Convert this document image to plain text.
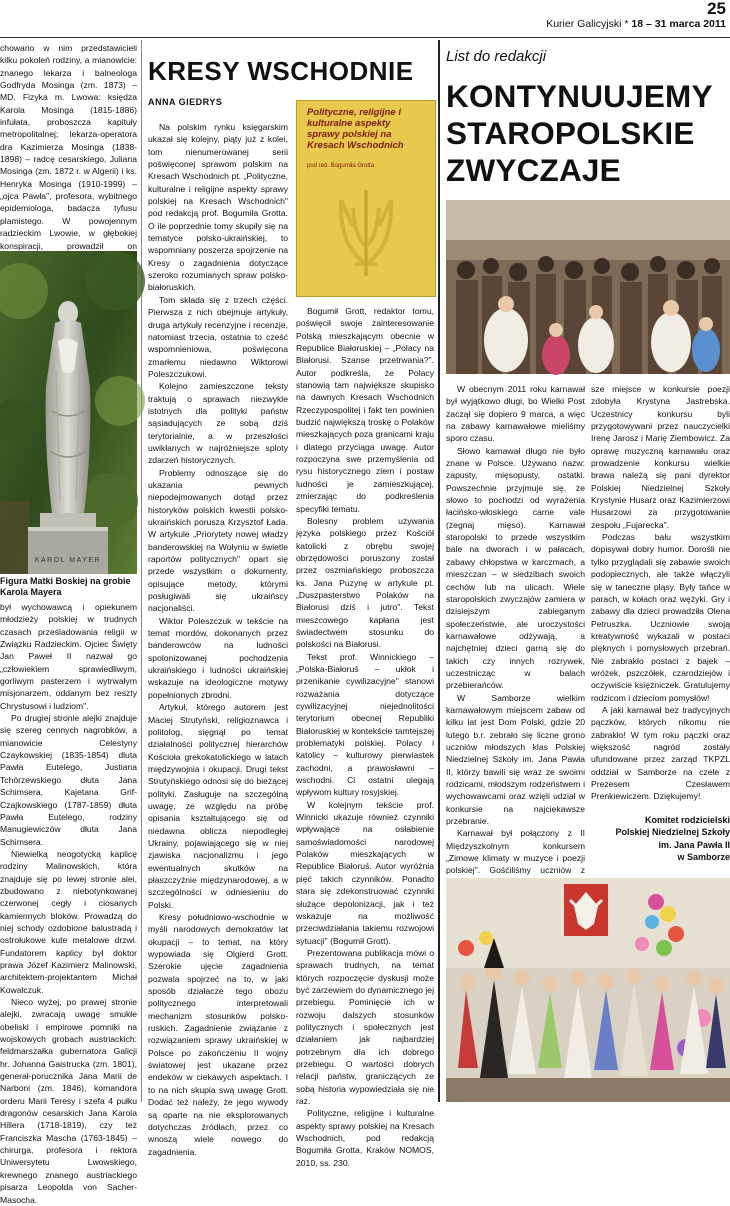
25
Kurier Galicyjski * 18 – 31 marca 2011

chowano w nim przedstawicieli kilku pokoleń rodziny, a mianowicie: znanego lekarza i balneologa Godfryda Mosinga (zm. 1873) – MD. Fizyka m. Lwowa: księdza Karola Mosinga (1815-1886) infułata, proboszcza kapituły metropolitalnej; lekarza-operatora dra Kazimierza Mosinga (1838-1898) – radcę cesarskiego, Juliana Mosinga (zm. 1872 r. w Algerii) i ks. Henryka Mosinga (1910-1999) – „ojca Pawła", profesora, wybitnego epidemiologa, badacza tyfusu plamistego. W powojennym radzieckim Lwowie, w głębokiej konspiracji, prowadził on

KAROL MAYER
Figura Matki Boskiej na grobie Karola Mayera

był wychowawcą i opiekunem młodzieży polskiej w trudnych czasach prześladowania religii w Związku Radzieckim. Ojciec Święty Jan Paweł II nazwał go „człowiekiem sprawiedliwym, gorliwym pasterzem i wytrwałym misjonarzem, oddanym bez reszty Chrystusowi i ludziom".

Po drugiej stronie alejki znajduje się szereg cennych nagrobków, a mianowicie Celestyny Czaykowskiej (1835-1854) dluta Pawła Eutelego, Justiana Tchórzewskiego dłuta Jana Schimsera, Kajetana Grif-Czajkowskiego (1787-1859) dłuta Pawła Eutelego, rodziny Manugiewiczów dłuta Jana Schimsera.

Niewielką neogotycką kaplicę rodziny Malinowskich, która znajduje się po lewej stronie alei, zbudowano z niebotynkowanej czerwonej cegły i ciosanych kamiennych bloków. Prowadzą do niej schody ozdobione balustradą i ostrołukowe kute metalowe drzwi. Fundatorem kaplicy był doktor prawa Józef Kazimierz Malinowski, architektem-projektantem Michał Kowalczuk.

Nieco wyżej, po prawej stronie alejki, zwracają uwagę smukłe obeliski i empirowe pomniki na wojskowych grobach austriackich: feldmarszałka gubernatora Galicji hr. Johanna Gaistrucka (zm. 1801), generał-porucznika Jana Marii de Narboni (zm. 1846), komandora orderu Marii Teresy i szefa 4 pułku dragonów cesarskich Jana Karola Hillera (1718-1819), czy też Franciszka Mascha (1763-1845) – chirurga, profesora i rektora Uniwersytetu Lwowskiego, krewnego znanego austriackiego pisarza Leopolda von Sacher-Masocha.

KRESY WSCHODNIE
ANNA GIEDRYS

Na polskim rynku księgarskim ukazał się kolejny, piąty już z kolei, tom nienumerowanej serii poświęconej sprawom polskim na Kresach Wschodnich pt. „Polityczne, kulturalne i religijne aspekty sprawy polskiej na Kresach Wschodnich" pod redakcją prof. Bogumiła Grotta. O ile poprzednie tomy skupiły się na tematyce polsko-ukraińskiej, to wspomniany poszerza spojrzenie na Kresy o zagadnienia dotyczące szeroko rozumianych spraw polsko-białoruskich.

Tom składa się z trzech części. Pierwsza z nich obejmuje artykuły, druga artykuły recenzyjne i recenzje, natomiast trzecia, ostatnia to cześć wspomnieniowa, poświęcona zmarłemu niedawno Wiktorowi Poleszczukowi.

Kolejno zamieszczone teksty traktują o sprawach niezwykle istotnych dla polityki państw sąsiadujących ze sobą dziś terytorialnie, a w przeszłości uwikłanych w najróżniejsze sploty zdarzeń historycznych.

Problemy odnoszące się do ukazania pewnych niepodejmowanych dotąd przez historyków polskich kwestii polsko-ukraińskich porusza Krzysztof Łada. W artykule „Priorytety nowej władzy banderowskiej na Wołyniu w świetle raportów politycznych" opart się przede wszystkim o dokumenty, opisujące metody, którymi posługiwali się ukraińscy nacjonaliści.

Wiktor Poleszczuk w tekście na temat mordów, dokonanych przez banderowców na ludności spolonizowanej pochodzenia ukraińskiego i ludności ukraińskiej wskazuje na ideologiczne motywy popełnionych zbrodni.

Artykuł, którego autorem jest Maciej Strutyński, religioznawca i politolog, sięgnął po temat działalności politycznej hierarchów Kościoła grekokatolickiego w latach międzywojnia i okupacji. Drugi tekst Strutyńskiego odnosi się do bieżącej polityki. Zasługuje na szczególną uwagę, ze względu na próbę opisania kształtującego się od niedawna oblicza niepodległej Ukrainy, pojawiającego się w niej zjawiska nacjonalizmu i jego ewentualnych skutków na płaszczyźnie międzynarodowej, a w szczególności w odniesieniu do Polski.

Kresy południowo-wschodnie w myśli narodowych demokratów lat okupacji – to temat, na który wypowiada się Olgierd Grott. Szerokie ujęcie zagadnienia pozwala spojrzeć na to, w jaki sposób działacze tego obozu politycznego interpretowali mechanizm stosunków polsko-ruskich. Zagadnienie związanie z rozwiązaniem sprawy ukraińskiej w Polsce po zakończeniu II wojny światowej jest ukazane przez endeków w ciekawych aspektach. I to na nich skupia swą uwagę Grott. Dodać też należy, że jego wywody są oparte na nie eksplorowanych dotychczas źródłach, przez co wnoszą wiele nowego do zagadnienia.

Polityczne, religijne i kulturalne aspekty sprawy polskiej na Kresach Wschodnich
pod red. Bogumiła Grotta

Bogumił Grott, redaktor tomu, poświęcił swoje zainteresowanie Polską mieszkającym obecnie w Republice Białoruskiej – „Polacy na Białorusi. Szanse przetrwania?". Autor podkreśla, że Polacy stanowią tam największe skupisko na dawnych Kresach Wschodnich Rzeczypospolitej i fakt ten powinien budzić największą troskę o Polaków mieszkających poza granicami kraju i dlatego przyciąga uwagę. Autor rozpoczyna swe przemyślenia od rysu historycznego ziem i postaw ludności je zamieszkującej, zmierzając do podkreślenia specyfiki tematu.

Bolesny problem używania języka polskiego przez Kościół katolicki z obrębu swojej obrzędowości poruszony został przez oszmiańskiego proboszcza ks. Jana Puzynę w artykule pt. „Duszpasterstwo Polaków na Białorusi dziś i jutro". Tekst mieszcowego kapłana jest świadectwem stosunku do polskości na Białorusi.

Tekst prof. Winnickiego – „Polska-Białoruś – ukłok i przenikanie cywilizacyjne" stanowi rozważania dotyczące cywilizacyjnej niejednolitości terytorium obecnej Republiki Białoruskiej w kontekście tamtejszej problematyki polskiej. Polacy i katolicy – kulturowy pierwiastek zachodni, a prawosławni – wschodni. Ci ostatni ulegają wpływom kultury rosyjskiej.

W kolejnym tekście prof. Winnicki ukazuje również czynniki wpływające na osłabienie samoświadomości narodowej Polaków mieszkających w Republice Białoruś. Autor wyróżnia pięć takich czynników. Ponadto stara się zdekonstruować czynniki służące depolonizacji, jak i też wskazuje na możliwość przeciwdziałania takiemu rozwojowi sytuacji" (Bogumił Grott).

Prezentowana publikacja mówi o sprawach trudnych, na temat których rozpoczęcie dyskusji może być zarzewiem do dynamicznego jej przebiegu. Pominięcie ich w rozwoju dalszych stosunków politycznych i społecznych jest działaniem jak najbardziej potrzebnym dla ich dobrego przebiegu. O wartości dobrych relacji państw, graniczących ze sobą historia wypowiedziała się nie raz.

Polityczne, religijne i kulturalne aspekty sprawy polskiej na Kresach Wschodnich, pod redakcją Bogumiła Grotta, Kraków NOMOS, 2010, ss. 230.

List do redakcji
KONTYNUUJEMY
STAROPOLSKIE
ZWYCZAJE

W obecnym 2011 roku karnawał był wyjątkowo długi, bo Wielki Post zaczął się dopiero 9 marca, a więc na zabawy karnawałowe mieliśmy sporo czasu.

Słowo karnawał długo nie było znane w Polsce. Używano nazw: zapusty, mięsopusty, ostatki. Powszechnie przyjmuje się, że słowo to pochodzi od wyrażenia łacińsko-włoskiego carne vale (żegnaj mięso). Karnawał staropolski to przede wszystkim bale na dworach i w pałacach, zabawy chłopstwa w karczmach, a mieszczan – w siedzibach swoich cechów lub na ulicach. Wiele staropolskich zwyczajów zamiera w dzisiejszym zabieganym społeczeństwie, ale uroczystości karnawałowe odżywają, a najchętniej dzieci garną się do takich czy innych rozrywek, uczestnicząc w balach przebierańców.

W Samborze wielkim karnawałowym miejscem zabaw od kilku lat jest Dom Polski, gdzie 20 lutego b.r. zebrało się liczne grono uczniów młodszych klas Polskiej Niedzielnej Szkoły im. Jana Pawła II, którzy bawili się wraz ze swoimi rodzicami, młodszym rodzeństwem i wychowawcami oraz wzięli udział w konkursie na najciekawsze przebranie.

Karnawał był połączony z II Międzyszkolnym konkursem „Zimowe klimaty w muzyce i poezji polskiej". Gośćiliśmy uczniów z

sze miejsce w konkursie poezji zdobyła Krystyna Jastrebska. Uczestnicy konkursu byli przygotowywani przez nauczycielki Irenę Jarosz i Marię Ziembowicz. Za oprawę muzyczną karnawału oraz prowadzenie konkursu wielkie brawa należą się pani dyrektor Polskiej Niedzielnej Szkoły Krystynie Husarz oraz Kazimierzowi Husarzowi za przygotowanie zespołu „Fujarecka".

Podczas balu wszystkim dopisywał dobry humor. Dorośli nie tylko przyglądali się zabawie swoich podopiecznych, ale także włączyli się w taneczne pląsy. Były tańce w parach, w kołach oraz wężyki. Gry i zabawy dla dzieci prowadziła Olena Petruszka. Uczniowie swoją kreatywność wykazali w postaci pięknych i pomysłowych przebrań. Nie zabrakło postaci z bajek – wróżek, pszczółek, czarodziejów i oczywiście księżniczek. Gratulujemy rodzicom i dzieciom pomysłów!

A jaki karnawał bez tradycyjnych pączków, których nikomu nie zabrakło! W tym roku pączki oraz większość nagród zostały ufundowane przez zarząd TKPZL oddział w Samborze na czele z Prezesem Czesławem Prenkiewiczem. Dziękujemy!

Komitet rodzicielski
Polskiej Niedzielnej Szkoły
im. Jana Pawła II
w Samborze
